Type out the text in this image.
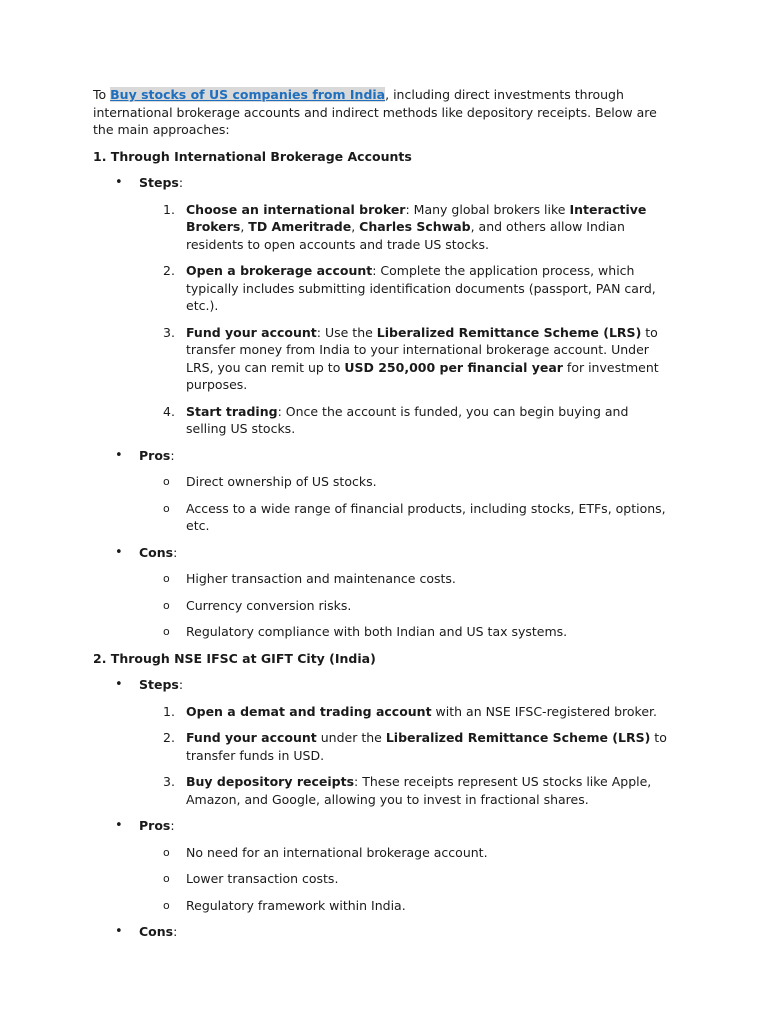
To Buy stocks of US companies from India, including direct investments through international brokerage accounts and indirect methods like depository receipts. Below are the main approaches:

1. Through International Brokerage Accounts

• Steps:
1. Choose an international broker: Many global brokers like Interactive Brokers, TD Ameritrade, Charles Schwab, and others allow Indian residents to open accounts and trade US stocks.
2. Open a brokerage account: Complete the application process, which typically includes submitting identification documents (passport, PAN card, etc.).
3. Fund your account: Use the Liberalized Remittance Scheme (LRS) to transfer money from India to your international brokerage account. Under LRS, you can remit up to USD 250,000 per financial year for investment purposes.
4. Start trading: Once the account is funded, you can begin buying and selling US stocks.
• Pros:
o Direct ownership of US stocks.
o Access to a wide range of financial products, including stocks, ETFs, options, etc.
• Cons:
o Higher transaction and maintenance costs.
o Currency conversion risks.
o Regulatory compliance with both Indian and US tax systems.

2. Through NSE IFSC at GIFT City (India)

• Steps:
1. Open a demat and trading account with an NSE IFSC-registered broker.
2. Fund your account under the Liberalized Remittance Scheme (LRS) to transfer funds in USD.
3. Buy depository receipts: These receipts represent US stocks like Apple, Amazon, and Google, allowing you to invest in fractional shares.
• Pros:
o No need for an international brokerage account.
o Lower transaction costs.
o Regulatory framework within India.
• Cons:
